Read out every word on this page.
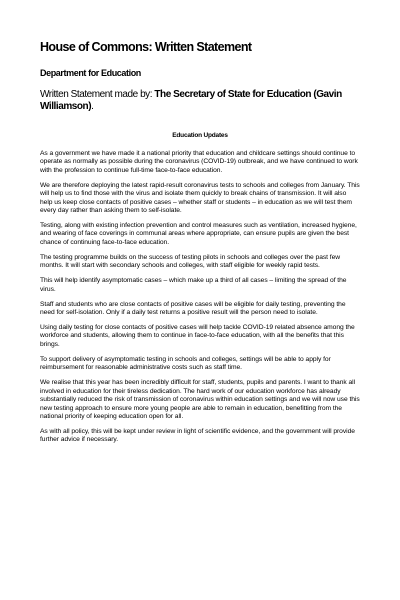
House of Commons: Written Statement
Department for Education
Written Statement made by: The Secretary of State for Education (Gavin Williamson).
Education Updates

As a government we have made it a national priority that education and childcare settings should continue to operate as normally as possible during the coronavirus (COVID-19) outbreak, and we have continued to work with the profession to continue full-time face-to-face education.

We are therefore deploying the latest rapid-result coronavirus tests to schools and colleges from January. This will help us to find those with the virus and isolate them quickly to break chains of transmission. It will also help us keep close contacts of positive cases – whether staff or students – in education as we will test them every day rather than asking them to self-isolate.

Testing, along with existing infection prevention and control measures such as ventilation, increased hygiene, and wearing of face coverings in communal areas where appropriate, can ensure pupils are given the best chance of continuing face-to-face education.

The testing programme builds on the success of testing pilots in schools and colleges over the past few months. It will start with secondary schools and colleges, with staff eligible for weekly rapid tests.

This will help identify asymptomatic cases – which make up a third of all cases – limiting the spread of the virus.

Staff and students who are close contacts of positive cases will be eligible for daily testing, preventing the need for self-isolation. Only if a daily test returns a positive result will the person need to isolate.

Using daily testing for close contacts of positive cases will help tackle COVID-19 related absence among the workforce and students, allowing them to continue in face-to-face education, with all the benefits that this brings.

To support delivery of asymptomatic testing in schools and colleges, settings will be able to apply for reimbursement for reasonable administrative costs such as staff time.

We realise that this year has been incredibly difficult for staff, students, pupils and parents. I want to thank all involved in education for their tireless dedication. The hard work of our education workforce has already substantially reduced the risk of transmission of coronavirus within education settings and we will now use this new testing approach to ensure more young people are able to remain in education, benefitting from the national priority of keeping education open for all.

As with all policy, this will be kept under review in light of scientific evidence, and the government will provide further advice if necessary.
